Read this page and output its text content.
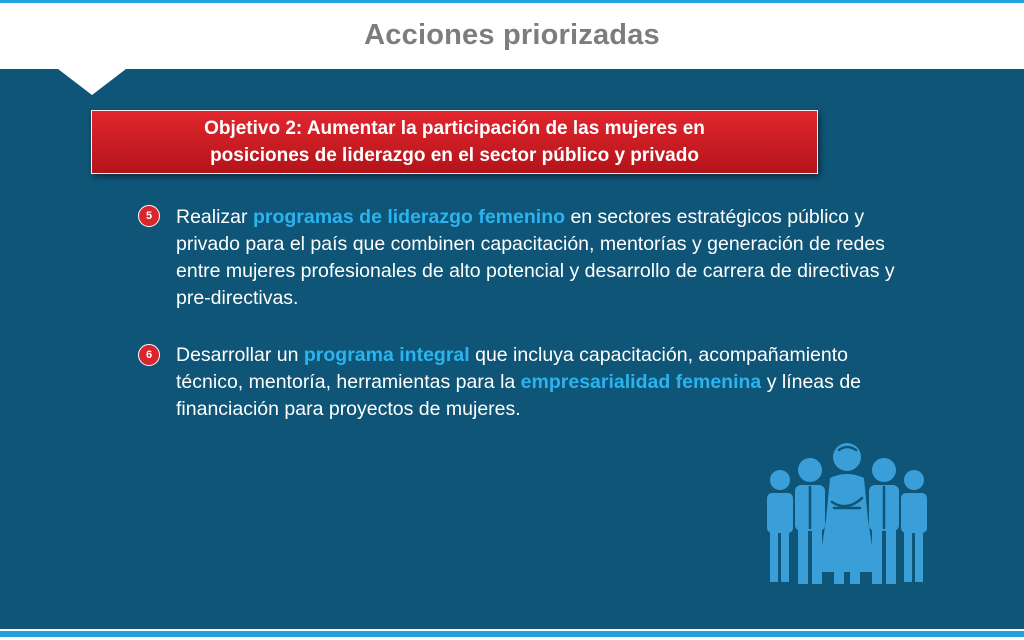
Acciones priorizadas
Objetivo 2: Aumentar la participación de las mujeres en
posiciones de liderazgo en el sector público y privado
5	Realizar programas de liderazgo femenino en sectores estratégicos público y privado para el país que combinen capacitación, mentorías y generación de redes entre mujeres profesionales de alto potencial y desarrollo de carrera de directivas y pre-directivas.
6	Desarrollar un programa integral que incluya capacitación, acompañamiento técnico, mentoría, herramientas para la empresarialidad femenina y líneas de financiación para proyectos de mujeres.
